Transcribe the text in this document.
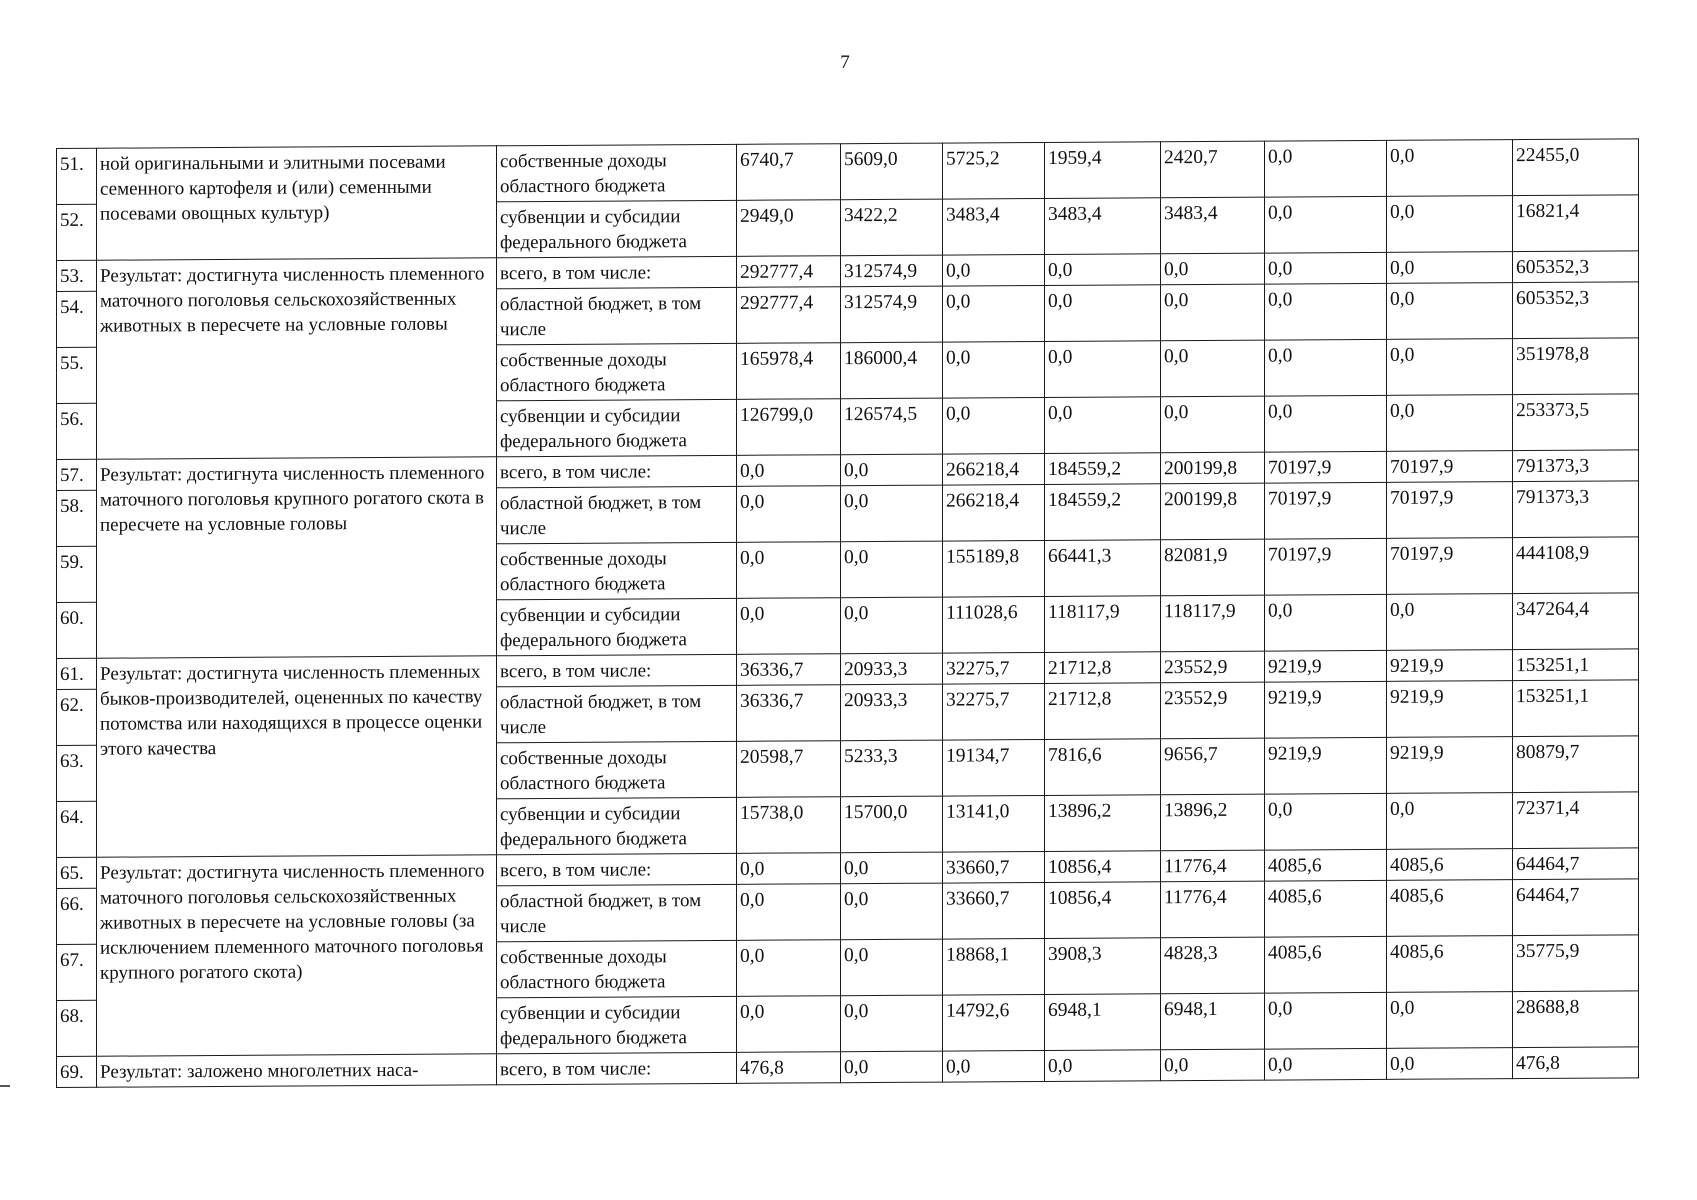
7
51.	ной оригинальными и элитными посевами семенного картофеля и (или) семенными посевами овощных культур)	собственные доходы областного бюджета	6740,7	5609,0	5725,2	1959,4	2420,7	0,0	0,0	22455,0
52.		субвенции и субсидии федерального бюджета	2949,0	3422,2	3483,4	3483,4	3483,4	0,0	0,0	16821,4
53.	Результат: достигнута численность племенного маточного поголовья сельскохозяйственных животных в пересчете на условные головы	всего, в том числе:	292777,4	312574,9	0,0	0,0	0,0	0,0	0,0	605352,3
54.		областной бюджет, в том числе	292777,4	312574,9	0,0	0,0	0,0	0,0	0,0	605352,3
55.		собственные доходы областного бюджета	165978,4	186000,4	0,0	0,0	0,0	0,0	0,0	351978,8
56.		субвенции и субсидии федерального бюджета	126799,0	126574,5	0,0	0,0	0,0	0,0	0,0	253373,5
57.	Результат: достигнута численность племенного маточного поголовья крупного рогатого скота в пересчете на условные головы	всего, в том числе:	0,0	0,0	266218,4	184559,2	200199,8	70197,9	70197,9	791373,3
58.		областной бюджет, в том числе	0,0	0,0	266218,4	184559,2	200199,8	70197,9	70197,9	791373,3
59.		собственные доходы областного бюджета	0,0	0,0	155189,8	66441,3	82081,9	70197,9	70197,9	444108,9
60.		субвенции и субсидии федерального бюджета	0,0	0,0	111028,6	118117,9	118117,9	0,0	0,0	347264,4
61.	Результат: достигнута численность племенных быков-производителей, оцененных по качеству потомства или находящихся в процессе оценки этого качества	всего, в том числе:	36336,7	20933,3	32275,7	21712,8	23552,9	9219,9	9219,9	153251,1
62.		областной бюджет, в том числе	36336,7	20933,3	32275,7	21712,8	23552,9	9219,9	9219,9	153251,1
63.		собственные доходы областного бюджета	20598,7	5233,3	19134,7	7816,6	9656,7	9219,9	9219,9	80879,7
64.		субвенции и субсидии федерального бюджета	15738,0	15700,0	13141,0	13896,2	13896,2	0,0	0,0	72371,4
65.	Результат: достигнута численность племенного маточного поголовья сельскохозяйственных животных в пересчете на условные головы (за исключением племенного маточного поголовья крупного рогатого скота)	всего, в том числе:	0,0	0,0	33660,7	10856,4	11776,4	4085,6	4085,6	64464,7
66.		областной бюджет, в том числе	0,0	0,0	33660,7	10856,4	11776,4	4085,6	4085,6	64464,7
67.		собственные доходы областного бюджета	0,0	0,0	18868,1	3908,3	4828,3	4085,6	4085,6	35775,9
68.		субвенции и субсидии федерального бюджета	0,0	0,0	14792,6	6948,1	6948,1	0,0	0,0	28688,8
69.	Результат: заложено многолетних наса-	всего, в том числе:	476,8	0,0	0,0	0,0	0,0	0,0	0,0	476,8
